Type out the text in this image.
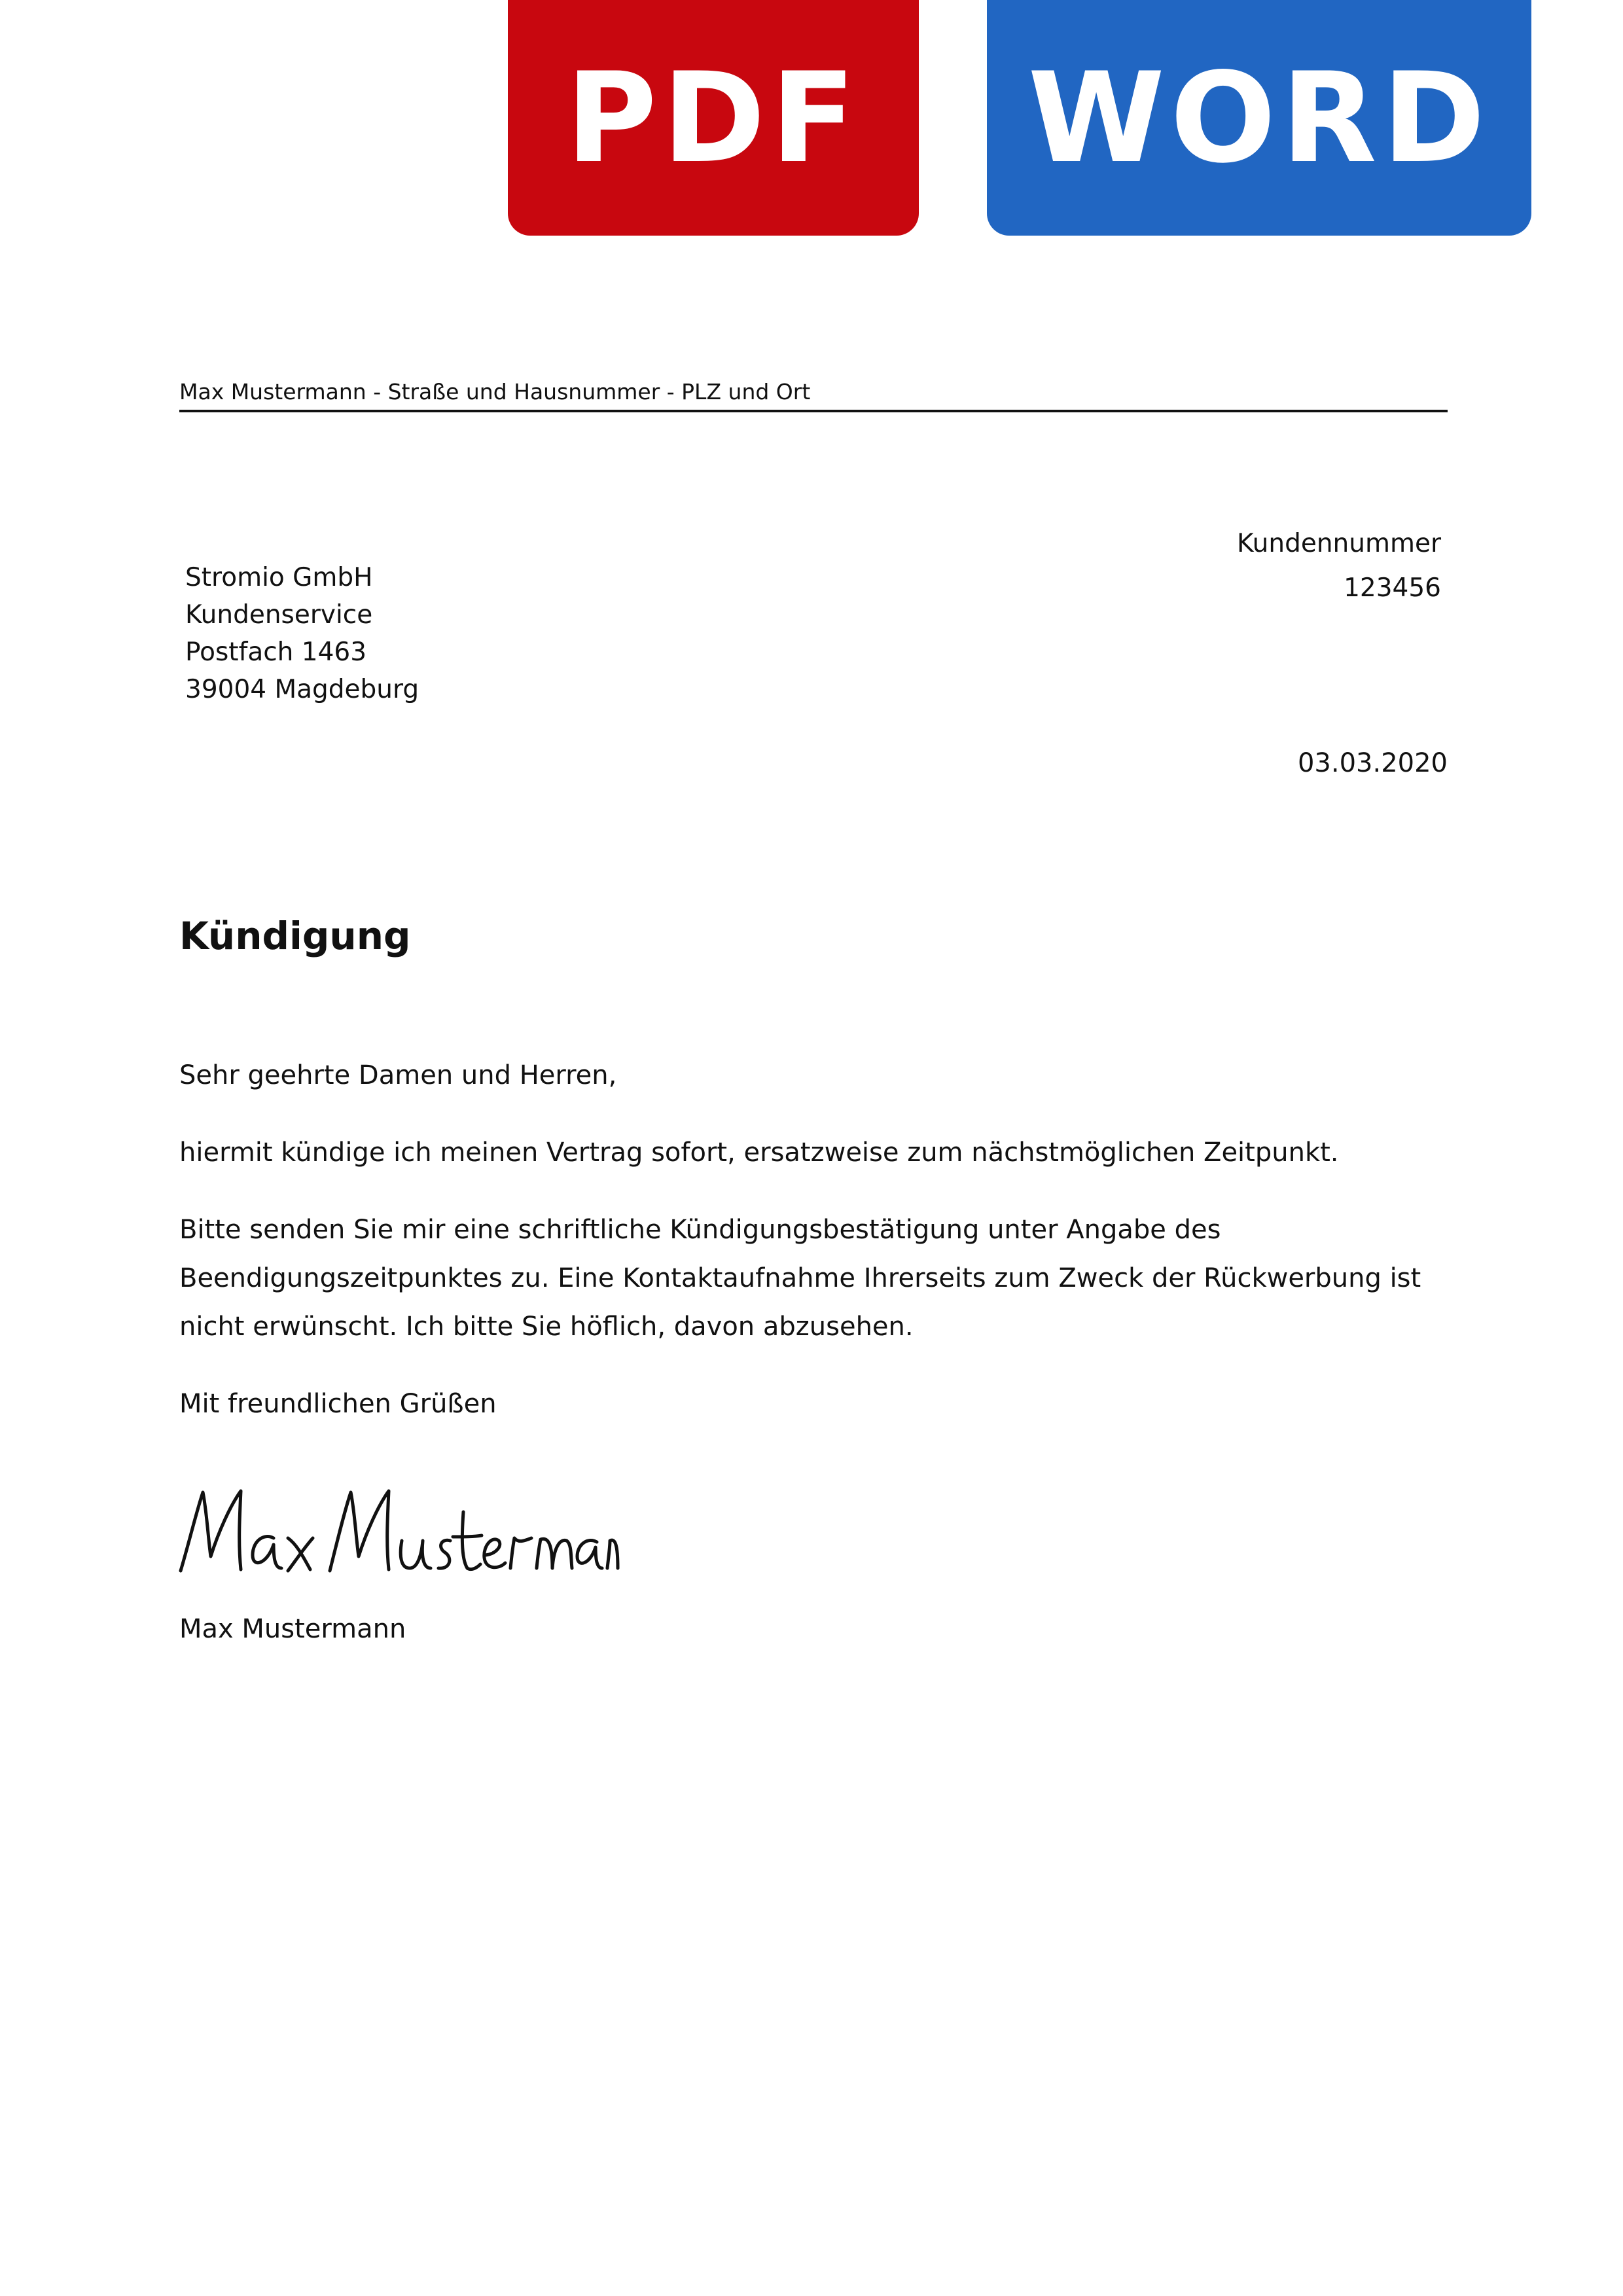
PDF WORD
Max Mustermann - Straße und Hausnummer - PLZ und Ort
Stromio GmbH
Kundenservice
Postfach 1463
39004 Magdeburg
Kundennummer
123456
03.03.2020
Kündigung

Sehr geehrte Damen und Herren,

hiermit kündige ich meinen Vertrag sofort, ersatzweise zum nächstmöglichen Zeitpunkt.

Bitte senden Sie mir eine schriftliche Kündigungsbestätigung unter Angabe des Beendigungszeitpunktes zu. Eine Kontaktaufnahme Ihrerseits zum Zweck der Rückwerbung ist nicht erwünscht. Ich bitte Sie höflich, davon abzusehen.

Mit freundlichen Grüßen

Max Mustermann
